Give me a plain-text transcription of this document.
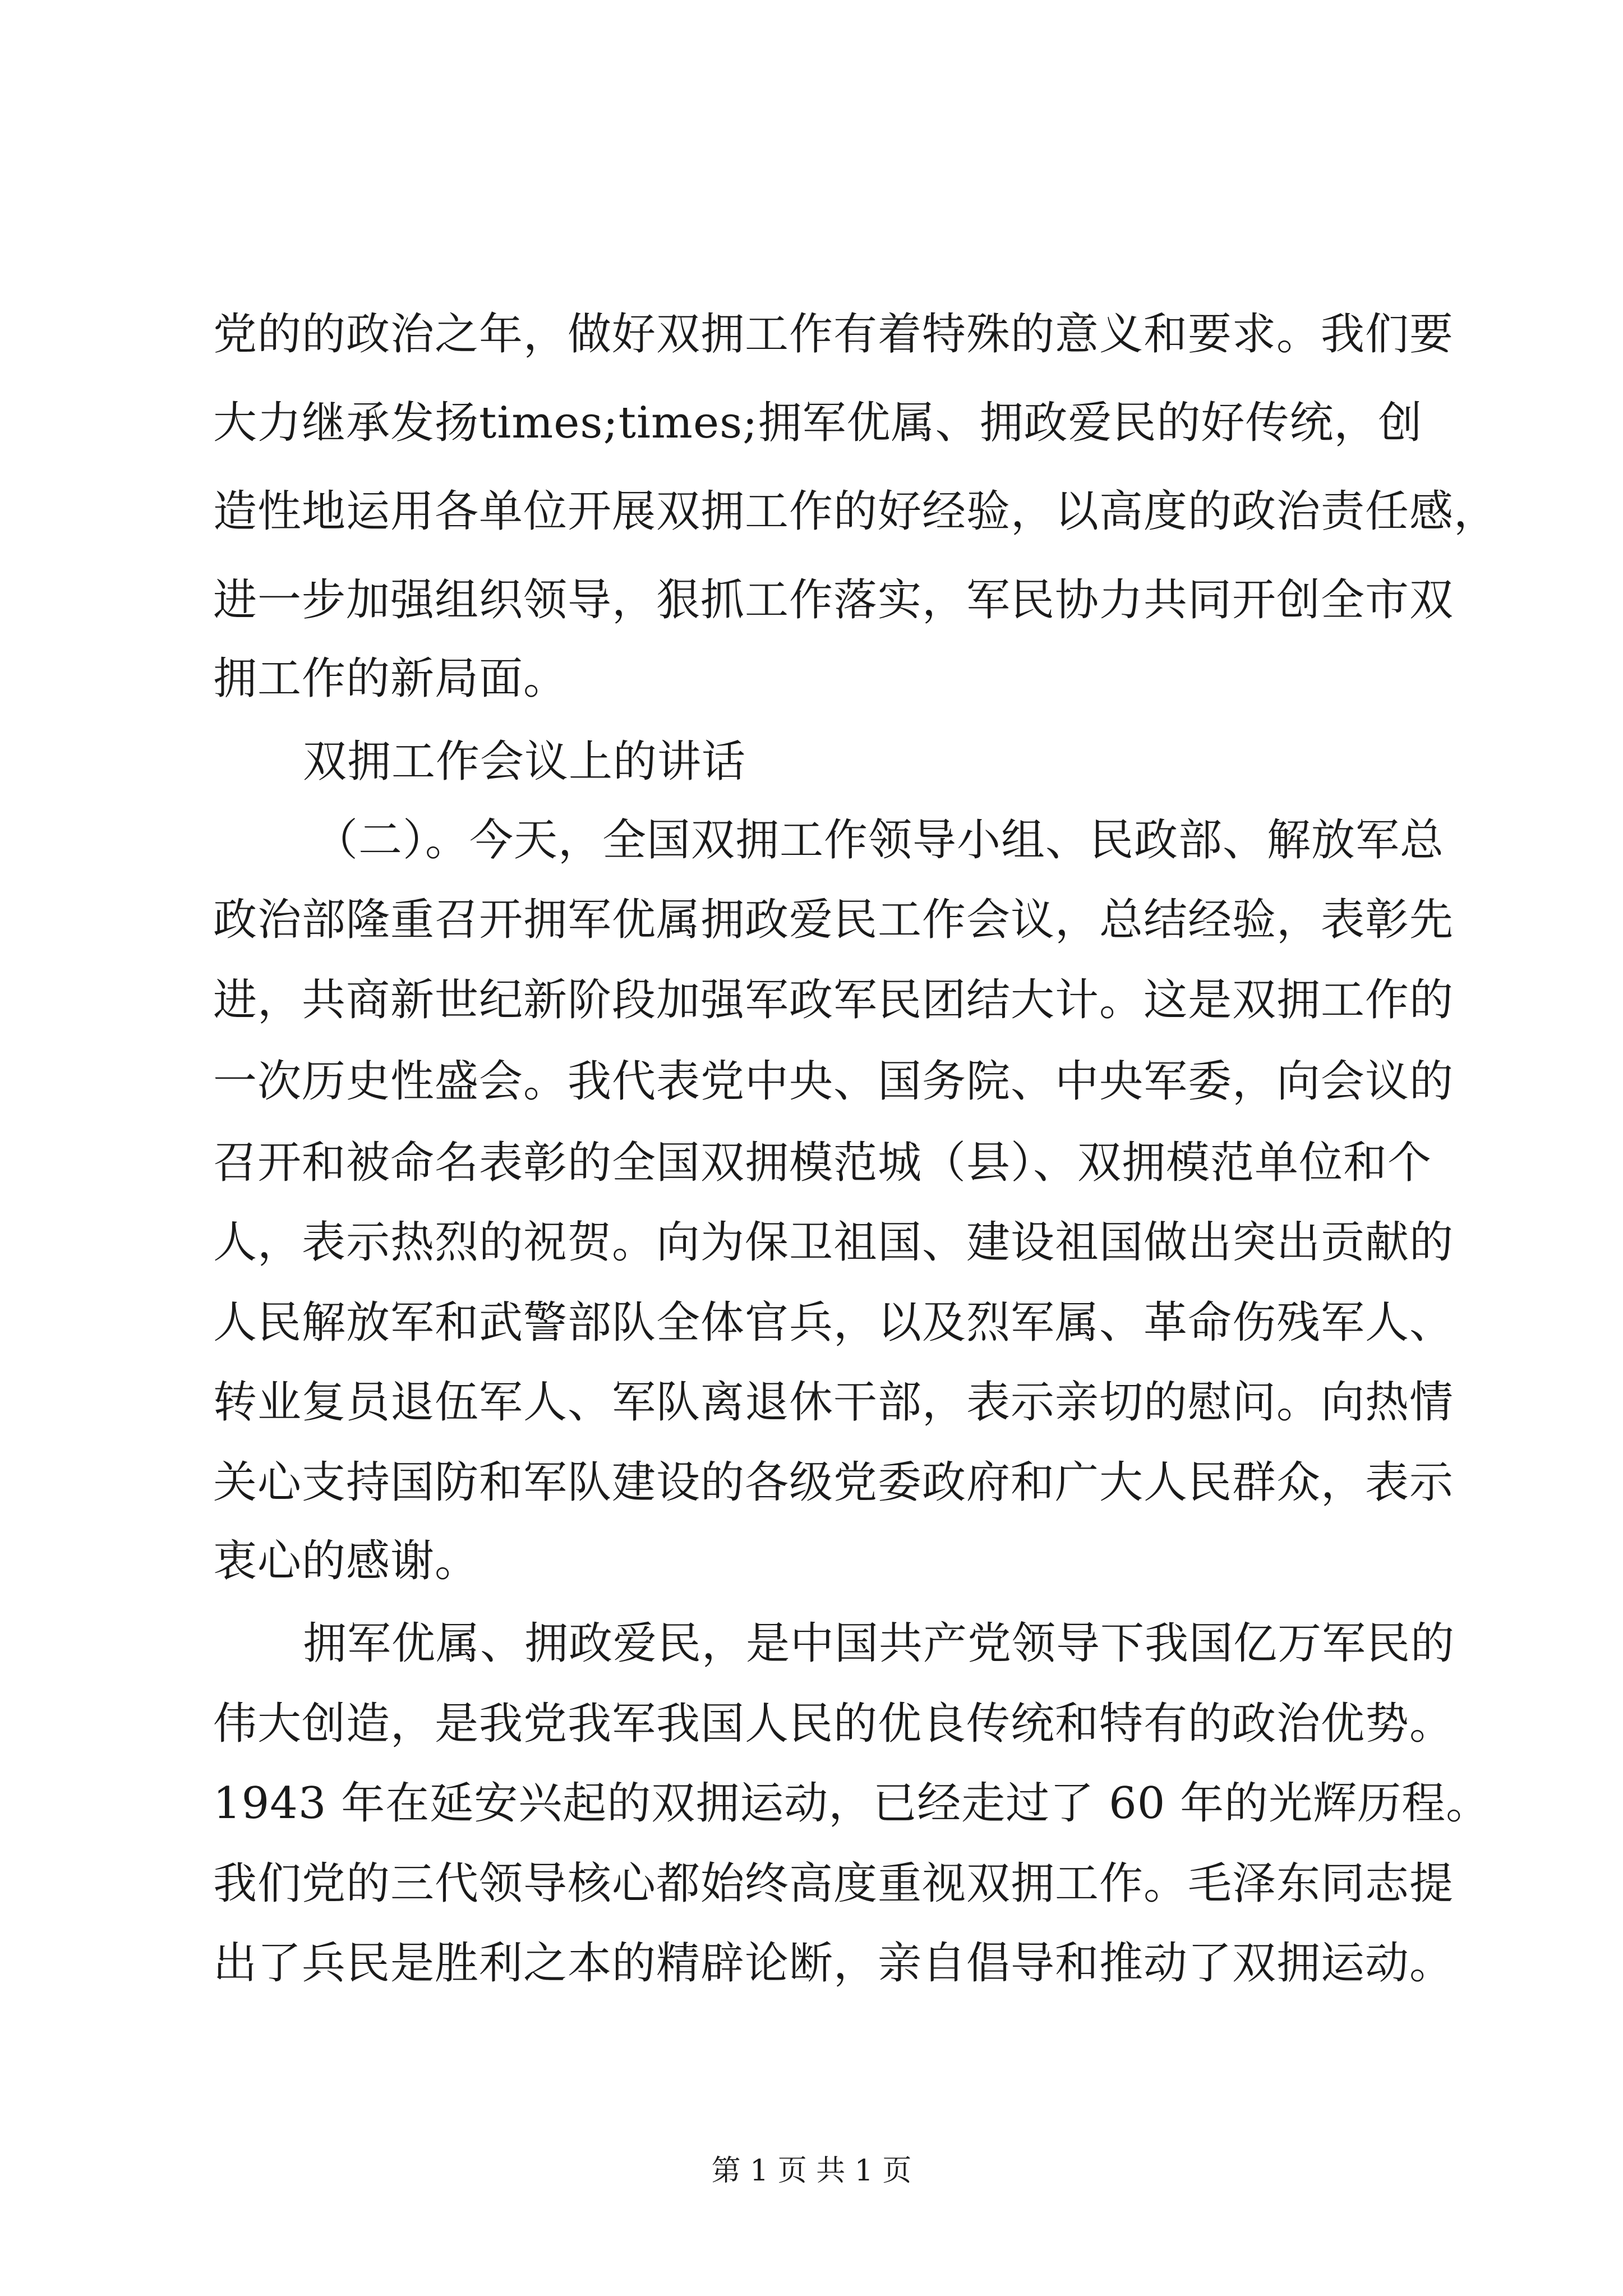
党的的政治之年，做好双拥工作有着特殊的意义和要求。我们要

大力继承发扬times;times;拥军优属、拥政爱民的好传统，创

造性地运用各单位开展双拥工作的好经验，以高度的政治责任感，

进一步加强组织领导，狠抓工作落实，军民协力共同开创全市双

拥工作的新局面。

双拥工作会议上的讲话

（二）。今天，全国双拥工作领导小组、民政部、解放军总

政治部隆重召开拥军优属拥政爱民工作会议，总结经验，表彰先

进，共商新世纪新阶段加强军政军民团结大计。这是双拥工作的

一次历史性盛会。我代表党中央、国务院、中央军委，向会议的

召开和被命名表彰的全国双拥模范城（县）、双拥模范单位和个

人，表示热烈的祝贺。向为保卫祖国、建设祖国做出突出贡献的

人民解放军和武警部队全体官兵，以及烈军属、革命伤残军人、

转业复员退伍军人、军队离退休干部，表示亲切的慰问。向热情

关心支持国防和军队建设的各级党委政府和广大人民群众，表示

衷心的感谢。

拥军优属、拥政爱民，是中国共产党领导下我国亿万军民的

伟大创造，是我党我军我国人民的优良传统和特有的政治优势。

1943 年在延安兴起的双拥运动，已经走过了 60 年的光辉历程。

我们党的三代领导核心都始终高度重视双拥工作。毛泽东同志提

出了兵民是胜利之本的精辟论断，亲自倡导和推动了双拥运动。

第 1 页 共 1 页
